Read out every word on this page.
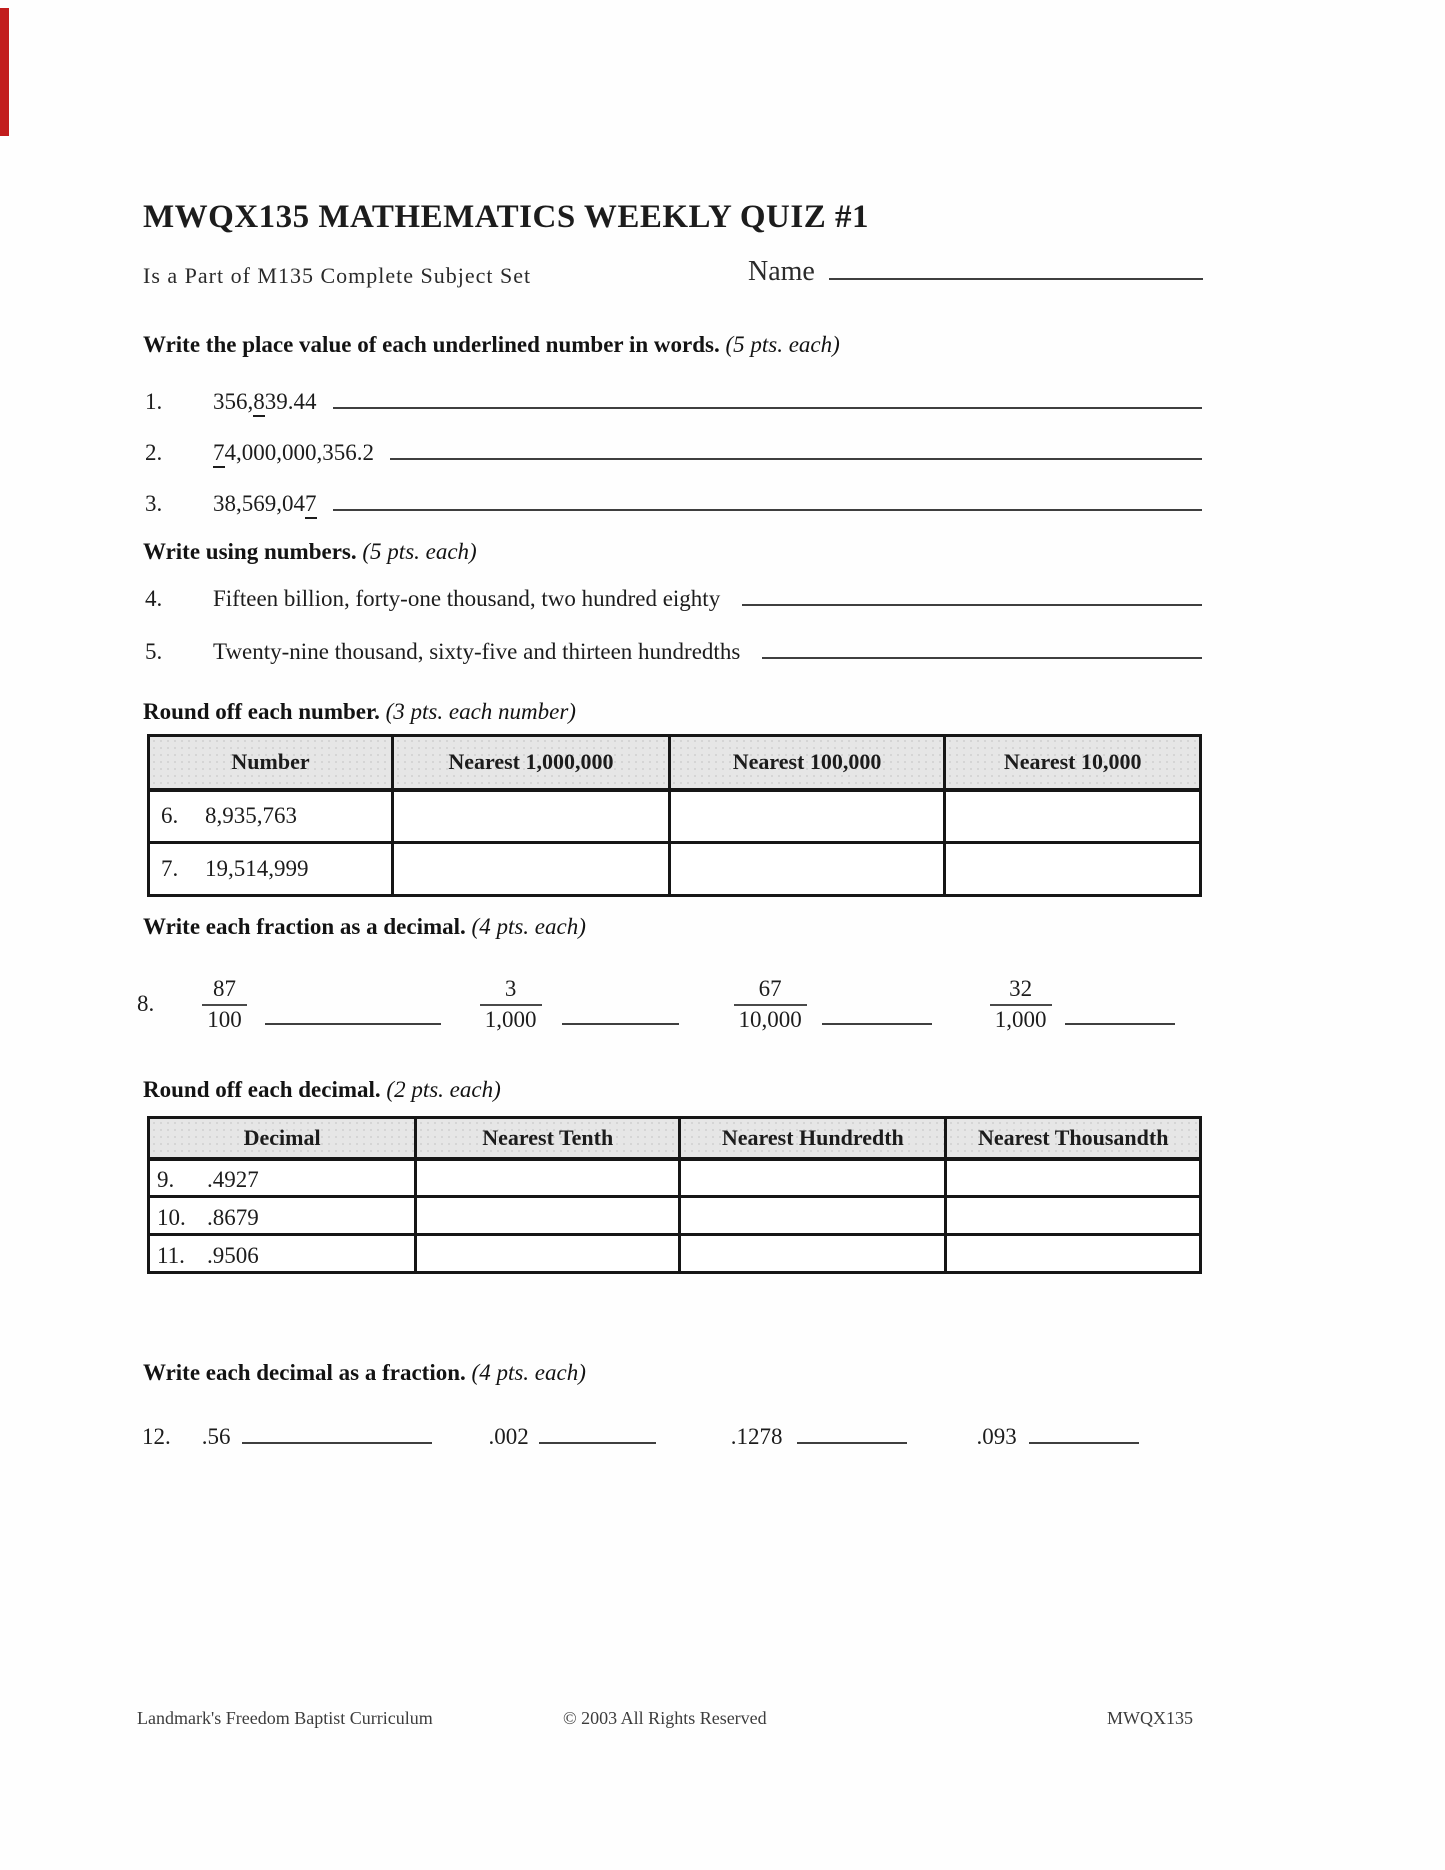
MWQX135 MATHEMATICS WEEKLY QUIZ #1
Is a Part of M135 Complete Subject Set	Name
Write the place value of each underlined number in words. (5 pts. each)
1.	356,839.44
2.	74,000,000,356.2
3.	38,569,047
Write using numbers. (5 pts. each)
4.	Fifteen billion, forty-one thousand, two hundred eighty
5.	Twenty-nine thousand, sixty-five and thirteen hundredths
Round off each number. (3 pts. each number)
Number	Nearest 1,000,000	Nearest 100,000	Nearest 10,000

6. 8,935,763			

7. 19,514,999			

Write each fraction as a decimal. (4 pts. each)
8. $\frac{87}{100}$	$\frac{3}{1,000}$	$\frac{67}{10,000}$	$\frac{32}{1,000}$
Round off each decimal. (2 pts. each)
Decimal	Nearest Tenth	Nearest Hundredth	Nearest Thousandth

9. .4927			

10. .8679			

11. .9506			

Write each decimal as a fraction. (4 pts. each)
12. .56	.002	.1278	.093
Landmark's Freedom Baptist Curriculum	© 2003 All Rights Reserved	MWQX135
